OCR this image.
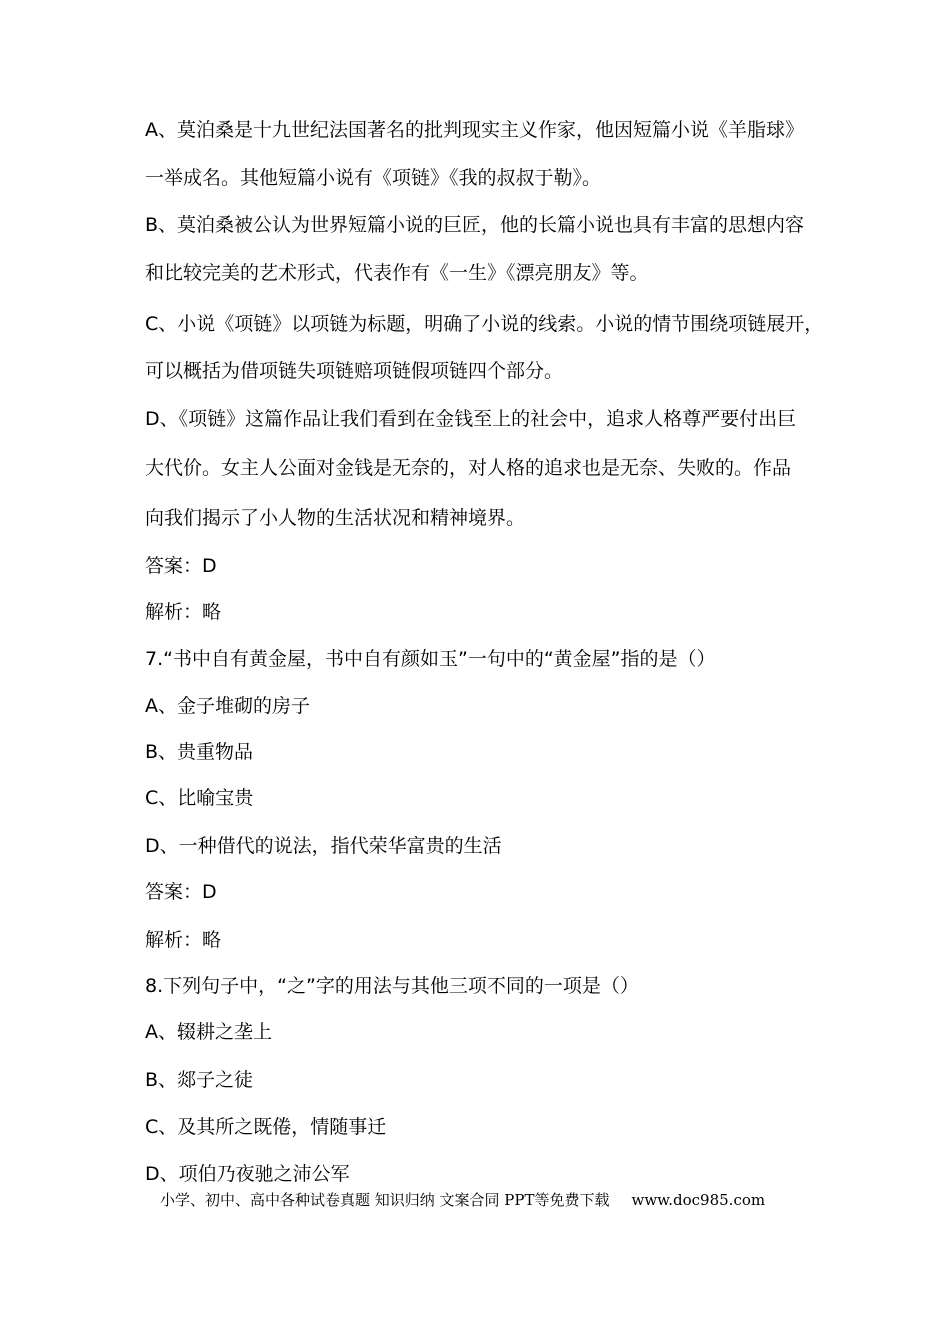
A、莫泊桑是十九世纪法国著名的批判现实主义作家，他因短篇小说《羊脂球》
一举成名。其他短篇小说有《项链》《我的叔叔于勒》。
B、莫泊桑被公认为世界短篇小说的巨匠，他的长篇小说也具有丰富的思想内容
和比较完美的艺术形式，代表作有《一生》《漂亮朋友》等。
C、小说《项链》以项链为标题，明确了小说的线索。小说的情节围绕项链展开，
可以概括为借项链失项链赔项链假项链四个部分。
D、《项链》这篇作品让我们看到在金钱至上的社会中，追求人格尊严要付出巨
大代价。女主人公面对金钱是无奈的，对人格的追求也是无奈、失败的。作品
向我们揭示了小人物的生活状况和精神境界。
答案：D
解析：略
7.“书中自有黄金屋，书中自有颜如玉”一句中的“黄金屋”指的是（）
A、金子堆砌的房子
B、贵重物品
C、比喻宝贵
D、一种借代的说法，指代荣华富贵的生活
答案：D
解析：略
8.下列句子中，“之”字的用法与其他三项不同的一项是（）
A、辍耕之垄上
B、郯子之徒
C、及其所之既倦，情随事迁
D、项伯乃夜驰之沛公军
小学、初中、高中各种试卷真题 知识归纳 文案合同 PPT等免费下载 www.doc985.com
